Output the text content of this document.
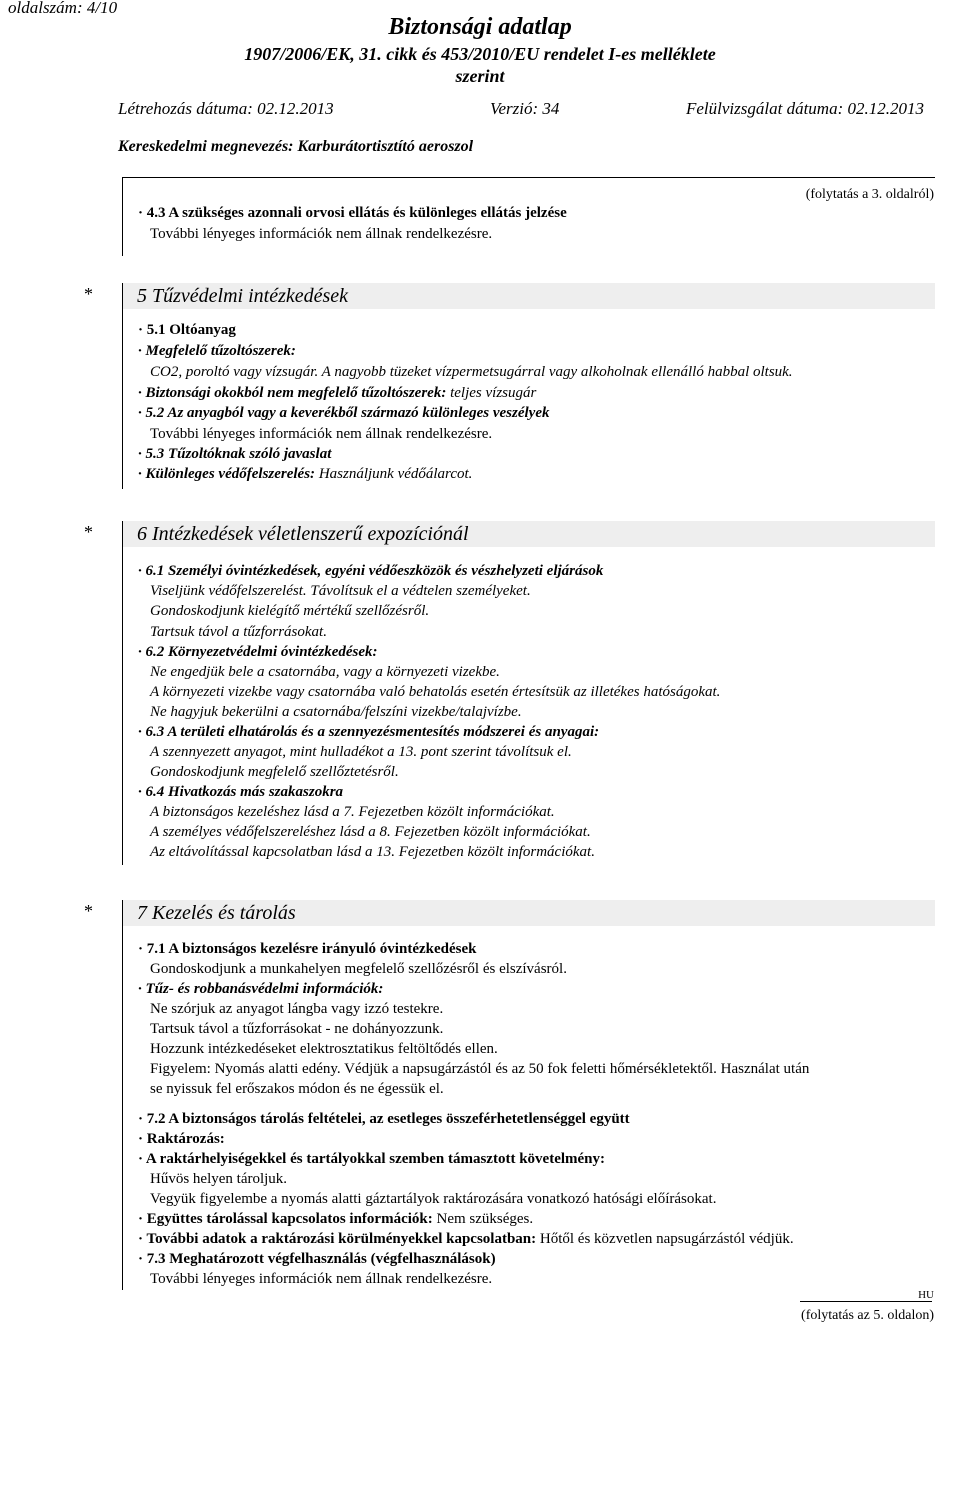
oldalszám: 4/10
Biztonsági adatlap
1907/2006/EK, 31. cikk és 453/2010/EU rendelet I-es melléklete
szerint
Létrehozás dátuma: 02.12.2013	Verzió: 34	Felülvizsgálat dátuma: 02.12.2013
Kereskedelmi megnevezés: Karburátortisztító aeroszol
(folytatás a 3. oldalról)
· 4.3 A szükséges azonnali orvosi ellátás és különleges ellátás jelzése
További lényeges információk nem állnak rendelkezésre.
* 5 Tűzvédelmi intézkedések
· 5.1 Oltóanyag
· Megfelelő tűzoltószerek:
CO2, poroltó vagy vízsugár. A nagyobb tüzeket vízpermetsugárral vagy alkoholnak ellenálló habbal oltsuk.
· Biztonsági okokból nem megfelelő tűzoltószerek: teljes vízsugár
· 5.2 Az anyagból vagy a keverékből származó különleges veszélyek
További lényeges információk nem állnak rendelkezésre.
· 5.3 Tűzoltóknak szóló javaslat
· Különleges védőfelszerelés: Használjunk védőálarcot.
* 6 Intézkedések véletlenszerű expozíciónál
· 6.1 Személyi óvintézkedések, egyéni védőeszközök és vészhelyzeti eljárások
Viseljünk védőfelszerelést. Távolítsuk el a védtelen személyeket.
Gondoskodjunk kielégítő mértékű szellőzésről.
Tartsuk távol a tűzforrásokat.
· 6.2 Környezetvédelmi óvintézkedések:
Ne engedjük bele a csatornába, vagy a környezeti vizekbe.
A környezeti vizekbe vagy csatornába való behatolás esetén értesítsük az illetékes hatóságokat.
Ne hagyjuk bekerülni a csatornába/felszíni vizekbe/talajvízbe.
· 6.3 A területi elhatárolás és a szennyezésmentesítés módszerei és anyagai:
A szennyezett anyagot, mint hulladékot a 13. pont szerint távolítsuk el.
Gondoskodjunk megfelelő szellőztetésről.
· 6.4 Hivatkozás más szakaszokra
A biztonságos kezeléshez lásd a 7. Fejezetben közölt információkat.
A személyes védőfelszereléshez lásd a 8. Fejezetben közölt információkat.
Az eltávolítással kapcsolatban lásd a 13. Fejezetben közölt információkat.
* 7 Kezelés és tárolás
· 7.1 A biztonságos kezelésre irányuló óvintézkedések
Gondoskodjunk a munkahelyen megfelelő szellőzésről és elszívásról.
· Tűz- és robbanásvédelmi információk:
Ne szórjuk az anyagot lángba vagy izzó testekre.
Tartsuk távol a tűzforrásokat - ne dohányozzunk.
Hozzunk intézkedéseket elektrosztatikus feltöltődés ellen.
Figyelem: Nyomás alatti edény. Védjük a napsugárzástól és az 50 fok feletti hőmérsékletektől. Használat után
se nyissuk fel erőszakos módon és ne égessük el.
· 7.2 A biztonságos tárolás feltételei, az esetleges összeférhetetlenséggel együtt
· Raktározás:
· A raktárhelyiségekkel és tartályokkal szemben támasztott követelmény:
Hűvös helyen tároljuk.
Vegyük figyelembe a nyomás alatti gáztartályok raktározására vonatkozó hatósági előírásokat.
· Együttes tárolással kapcsolatos információk: Nem szükséges.
· További adatok a raktározási körülményekkel kapcsolatban: Hőtől és közvetlen napsugárzástól védjük.
· 7.3 Meghatározott végfelhasználás (végfelhasználások)
További lényeges információk nem állnak rendelkezésre.
HU
(folytatás az 5. oldalon)
